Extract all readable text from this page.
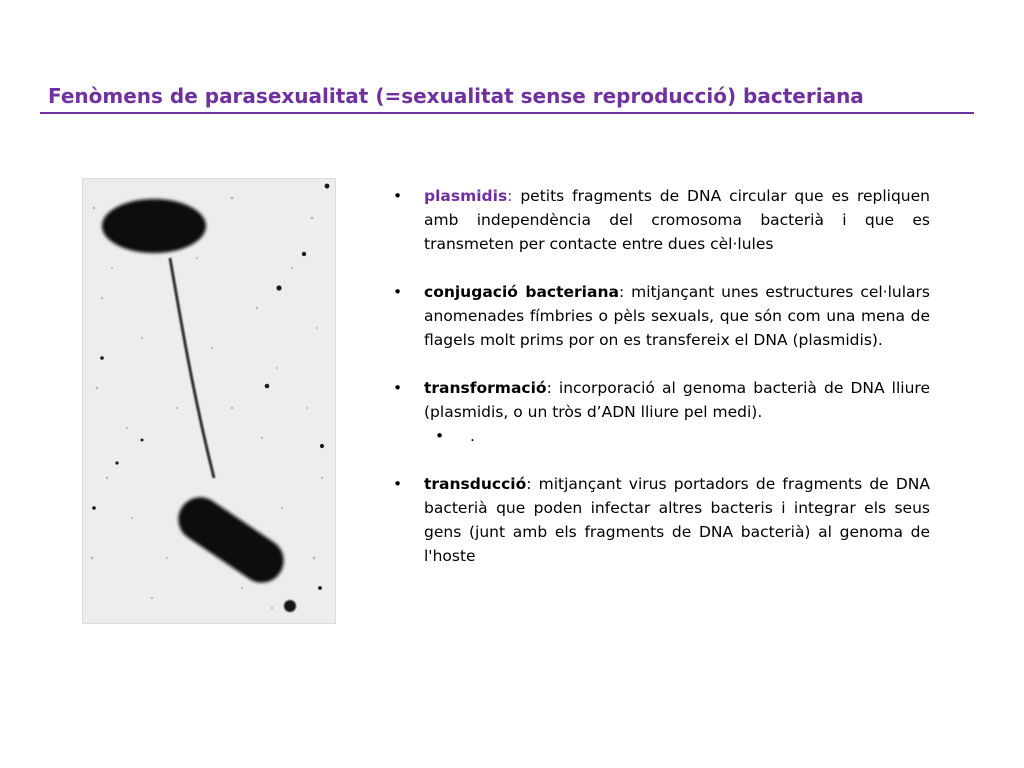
Fenòmens de parasexualitat (=sexualitat sense reproducció) bacteriana
• plasmidis: petits fragments de DNA circular que es repliquen amb independència del cromosoma bacterià i que es transmeten per contacte entre dues cèl·lules
• conjugació bacteriana: mitjançant unes estructures cel·lulars anomenades fímbries o pèls sexuals, que són com una mena de flagels molt prims por on es transfereix el DNA (plasmidis).
• transformació: incorporació al genoma bacterià de DNA lliure (plasmidis, o un tròs d’ADN lliure pel medi).
• .
• transducció: mitjançant virus portadors de fragments de DNA bacterià que poden infectar altres bacteris i integrar els seus gens (junt amb els fragments de DNA bacterià) al genoma de l'hoste
